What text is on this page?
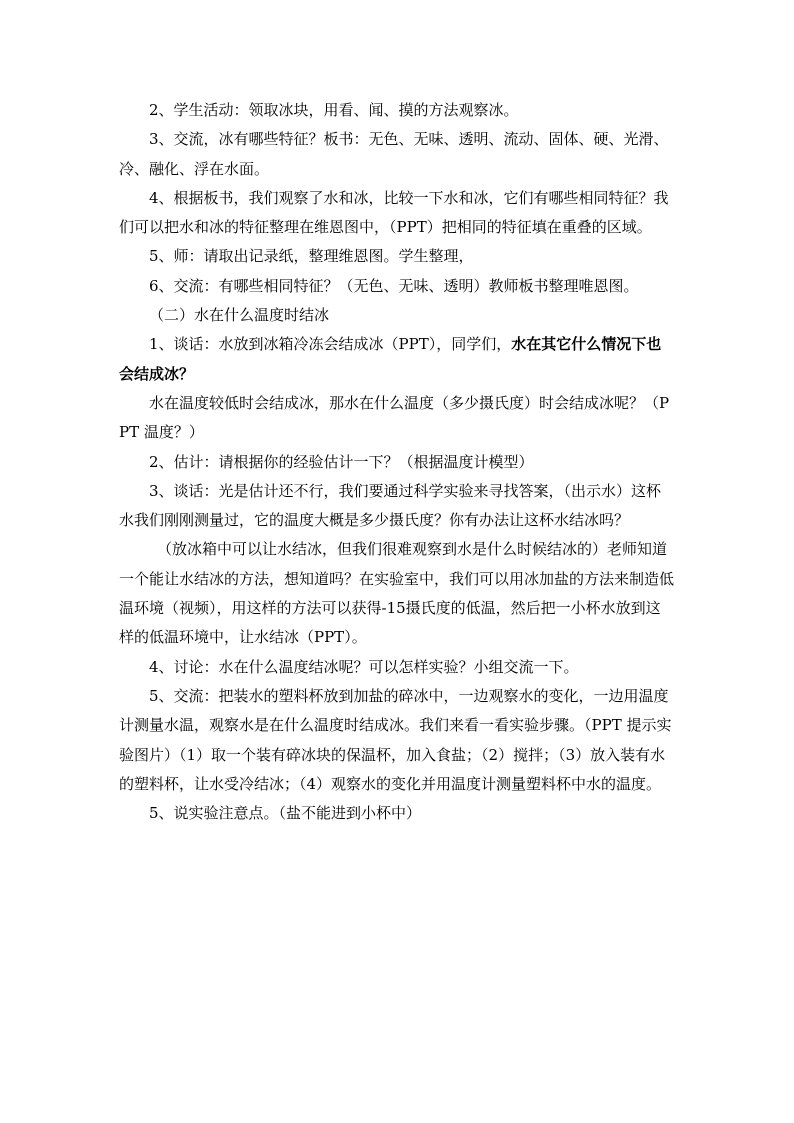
2、学生活动：领取冰块，用看、闻、摸的方法观察冰。

3、交流，冰有哪些特征？板书：无色、无味、透明、流动、固体、硬、光滑、冷、融化、浮在水面。

4、根据板书，我们观察了水和冰，比较一下水和冰，它们有哪些相同特征？我们可以把水和冰的特征整理在维恩图中，（PPT）把相同的特征填在重叠的区域。

5、师：请取出记录纸，整理维恩图。学生整理，

6、交流：有哪些相同特征？（无色、无味、透明）教师板书整理唯恩图。

（二）水在什么温度时结冰

1、谈话：水放到冰箱冷冻会结成冰（PPT），同学们，水在其它什么情况下也会结成冰？

水在温度较低时会结成冰，那水在什么温度（多少摄氏度）时会结成冰呢？（PPT 温度？）

2、估计：请根据你的经验估计一下？（根据温度计模型）

3、谈话：光是估计还不行，我们要通过科学实验来寻找答案，（出示水）这杯水我们刚刚测量过，它的温度大概是多少摄氏度？你有办法让这杯水结冰吗？

（放冰箱中可以让水结冰，但我们很难观察到水是什么时候结冰的）老师知道一个能让水结冰的方法，想知道吗？在实验室中，我们可以用冰加盐的方法来制造低温环境（视频），用这样的方法可以获得-15摄氏度的低温，然后把一小杯水放到这样的低温环境中，让水结冰（PPT）。

4、讨论：水在什么温度结冰呢？可以怎样实验？小组交流一下。

5、交流：把装水的塑料杯放到加盐的碎冰中，一边观察水的变化，一边用温度计测量水温，观察水是在什么温度时结成冰。我们来看一看实验步骤。（PPT 提示实验图片）（1）取一个装有碎冰块的保温杯，加入食盐；（2）搅拌；（3）放入装有水的塑料杯，让水受冷结冰；（4）观察水的变化并用温度计测量塑料杯中水的温度。

5、说实验注意点。（盐不能进到小杯中）
